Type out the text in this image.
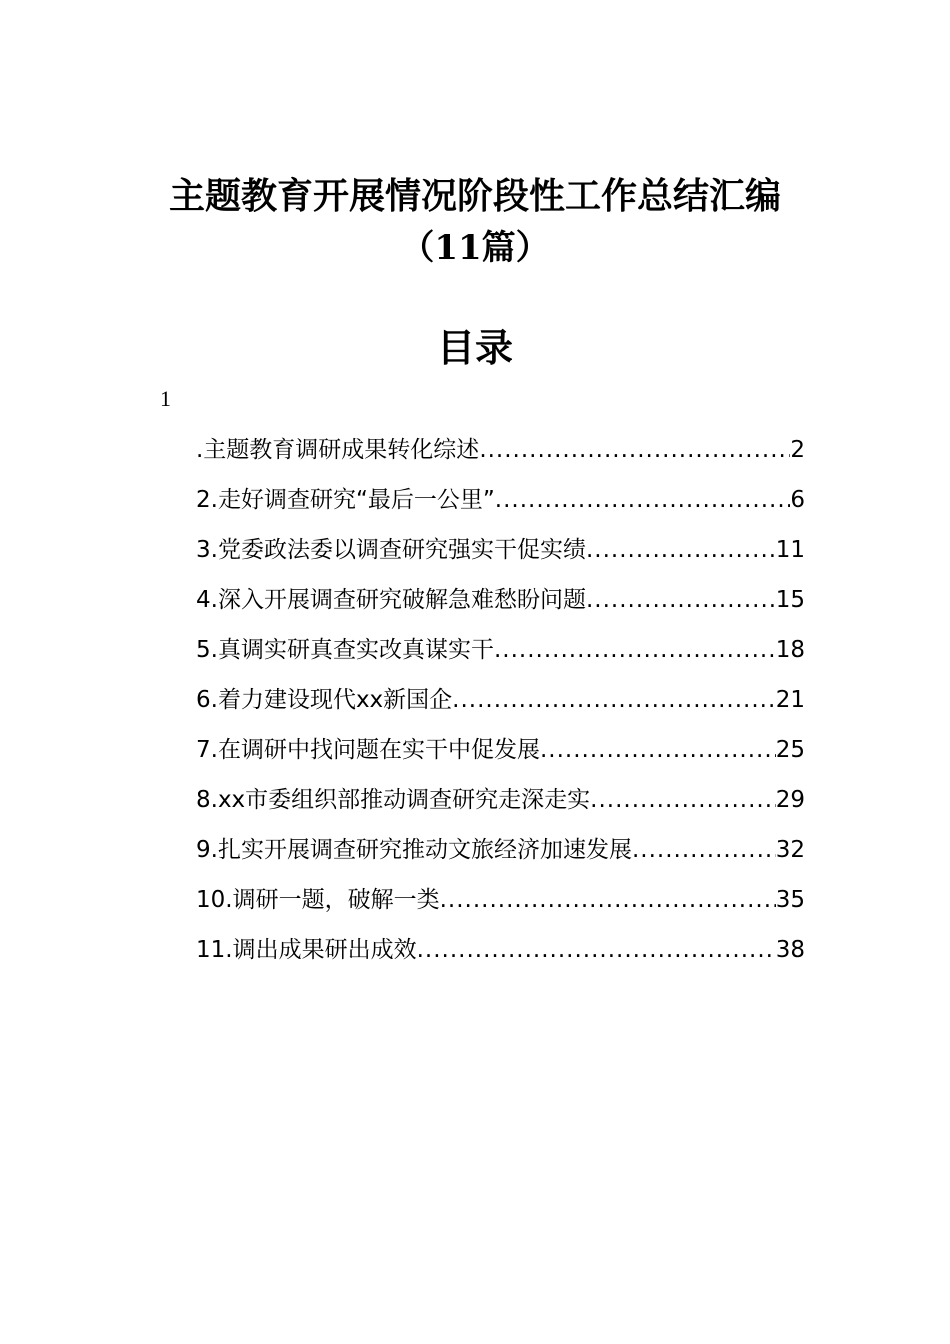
主题教育开展情况阶段性工作总结汇编
（11篇）
目录
1
.主题教育调研成果转化综述 .....	2
2.走好调查研究“最后一公里” .....	6
3.党委政法委以调查研究强实干促实绩 .....	11
4.深入开展调查研究破解急难愁盼问题 .....	15
5.真调实研真查实改真谋实干 .....	18
6.着力建设现代xx新国企 .....	21
7.在调研中找问题在实干中促发展 .....	25
8.xx市委组织部推动调查研究走深走实 .....	29
9.扎实开展调查研究推动文旅经济加速发展 .....	32
10.调研一题，破解一类 .....	35
11.调出成果研出成效 .....	38
